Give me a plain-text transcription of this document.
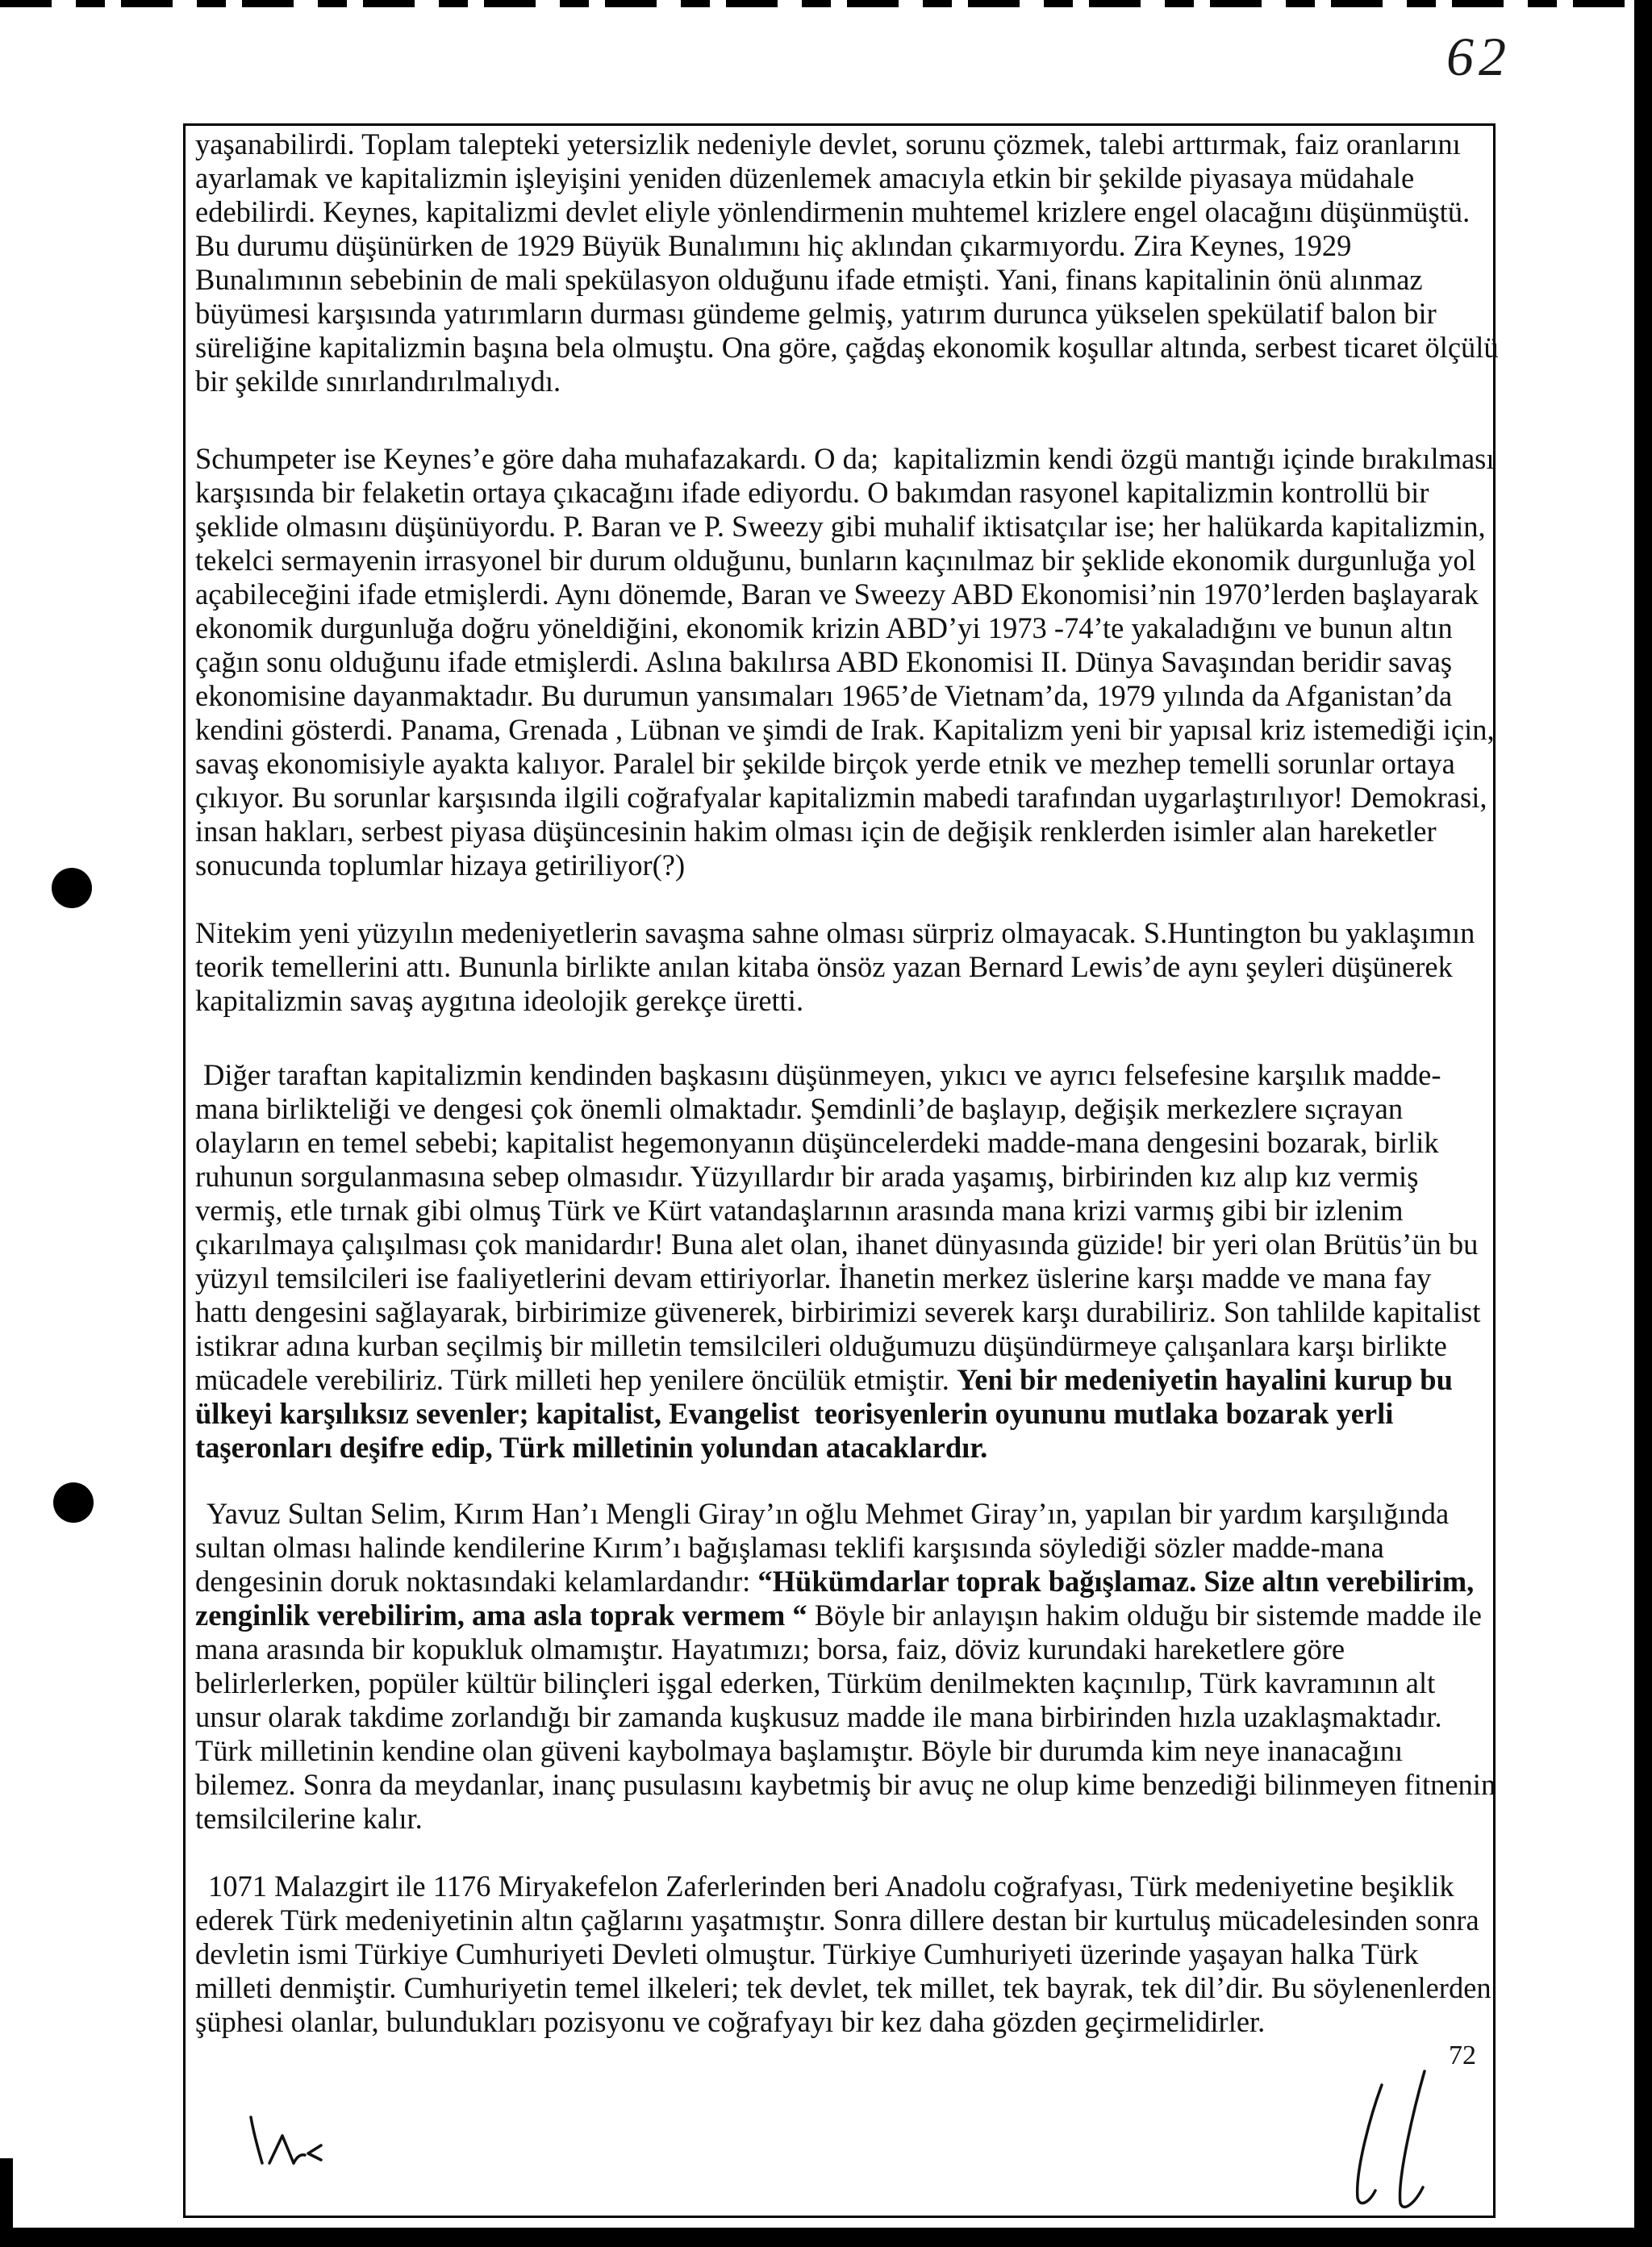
62
yaşanabilirdi. Toplam talepteki yetersizlik nedeniyle devlet, sorunu çözmek, talebi arttırmak, faiz oranlarını
ayarlamak ve kapitalizmin işleyişini yeniden düzenlemek amacıyla etkin bir şekilde piyasaya müdahale
edebilirdi. Keynes, kapitalizmi devlet eliyle yönlendirmenin muhtemel krizlere engel olacağını düşünmüştü.
Bu durumu düşünürken de 1929 Büyük Bunalımını hiç aklından çıkarmıyordu. Zira Keynes, 1929
Bunalımının sebebinin de mali spekülasyon olduğunu ifade etmişti. Yani, finans kapitalinin önü alınmaz
büyümesi karşısında yatırımların durması gündeme gelmiş, yatırım durunca yükselen spekülatif balon bir
süreliğine kapitalizmin başına bela olmuştu. Ona göre, çağdaş ekonomik koşullar altında, serbest ticaret ölçülü
bir şekilde sınırlandırılmalıydı.
Schumpeter ise Keynes’e göre daha muhafazakardı. O da;  kapitalizmin kendi özgü mantığı içinde bırakılması
karşısında bir felaketin ortaya çıkacağını ifade ediyordu. O bakımdan rasyonel kapitalizmin kontrollü bir
şeklide olmasını düşünüyordu. P. Baran ve P. Sweezy gibi muhalif iktisatçılar ise; her halükarda kapitalizmin,
tekelci sermayenin irrasyonel bir durum olduğunu, bunların kaçınılmaz bir şeklide ekonomik durgunluğa yol
açabileceğini ifade etmişlerdi. Aynı dönemde, Baran ve Sweezy ABD Ekonomisi’nin 1970’lerden başlayarak
ekonomik durgunluğa doğru yöneldiğini, ekonomik krizin ABD’yi 1973 -74’te yakaladığını ve bunun altın
çağın sonu olduğunu ifade etmişlerdi. Aslına bakılırsa ABD Ekonomisi II. Dünya Savaşından beridir savaş
ekonomisine dayanmaktadır. Bu durumun yansımaları 1965’de Vietnam’da, 1979 yılında da Afganistan’da
kendini gösterdi. Panama, Grenada , Lübnan ve şimdi de Irak. Kapitalizm yeni bir yapısal kriz istemediği için,
savaş ekonomisiyle ayakta kalıyor. Paralel bir şekilde birçok yerde etnik ve mezhep temelli sorunlar ortaya
çıkıyor. Bu sorunlar karşısında ilgili coğrafyalar kapitalizmin mabedi tarafından uygarlaştırılıyor! Demokrasi,
insan hakları, serbest piyasa düşüncesinin hakim olması için de değişik renklerden isimler alan hareketler
sonucunda toplumlar hizaya getiriliyor(?)
Nitekim yeni yüzyılın medeniyetlerin savaşma sahne olması sürpriz olmayacak. S.Huntington bu yaklaşımın
teorik temellerini attı. Bununla birlikte anılan kitaba önsöz yazan Bernard Lewis’de aynı şeyleri düşünerek
kapitalizmin savaş aygıtına ideolojik gerekçe üretti.
Diğer taraftan kapitalizmin kendinden başkasını düşünmeyen, yıkıcı ve ayrıcı felsefesine karşılık madde-
mana birlikteliği ve dengesi çok önemli olmaktadır. Şemdinli’de başlayıp, değişik merkezlere sıçrayan
olayların en temel sebebi; kapitalist hegemonyanın düşüncelerdeki madde-mana dengesini bozarak, birlik
ruhunun sorgulanmasına sebep olmasıdır. Yüzyıllardır bir arada yaşamış, birbirinden kız alıp kız vermiş
vermiş, etle tırnak gibi olmuş Türk ve Kürt vatandaşlarının arasında mana krizi varmış gibi bir izlenim
çıkarılmaya çalışılması çok manidardır! Buna alet olan, ihanet dünyasında güzide! bir yeri olan Brütüs’ün bu
yüzyıl temsilcileri ise faaliyetlerini devam ettiriyorlar. İhanetin merkez üslerine karşı madde ve mana fay
hattı dengesini sağlayarak, birbirimize güvenerek, birbirimizi severek karşı durabiliriz. Son tahlilde kapitalist
istikrar adına kurban seçilmiş bir milletin temsilcileri olduğumuzu düşündürmeye çalışanlara karşı birlikte
mücadele verebiliriz. Türk milleti hep yenilere öncülük etmiştir. Yeni bir medeniyetin hayalini kurup bu
ülkeyi karşılıksız sevenler; kapitalist, Evangelist  teorisyenlerin oyununu mutlaka bozarak yerli
taşeronları deşifre edip, Türk milletinin yolundan atacaklardır.
Yavuz Sultan Selim, Kırım Han’ı Mengli Giray’ın oğlu Mehmet Giray’ın, yapılan bir yardım karşılığında
sultan olması halinde kendilerine Kırım’ı bağışlaması teklifi karşısında söylediği sözler madde-mana
dengesinin doruk noktasındaki kelamlardandır: “Hükümdarlar toprak bağışlamaz. Size altın verebilirim,
zenginlik verebilirim, ama asla toprak vermem “ Böyle bir anlayışın hakim olduğu bir sistemde madde ile
mana arasında bir kopukluk olmamıştır. Hayatımızı; borsa, faiz, döviz kurundaki hareketlere göre
belirlerlerken, popüler kültür bilinçleri işgal ederken, Türküm denilmekten kaçınılıp, Türk kavramının alt
unsur olarak takdime zorlandığı bir zamanda kuşkusuz madde ile mana birbirinden hızla uzaklaşmaktadır.
Türk milletinin kendine olan güveni kaybolmaya başlamıştır. Böyle bir durumda kim neye inanacağını
bilemez. Sonra da meydanlar, inanç pusulasını kaybetmiş bir avuç ne olup kime benzediği bilinmeyen fitnenin
temsilcilerine kalır.
1071 Malazgirt ile 1176 Miryakefelon Zaferlerinden beri Anadolu coğrafyası, Türk medeniyetine beşiklik
ederek Türk medeniyetinin altın çağlarını yaşatmıştır. Sonra dillere destan bir kurtuluş mücadelesinden sonra
devletin ismi Türkiye Cumhuriyeti Devleti olmuştur. Türkiye Cumhuriyeti üzerinde yaşayan halka Türk
milleti denmiştir. Cumhuriyetin temel ilkeleri; tek devlet, tek millet, tek bayrak, tek dil’dir. Bu söylenenlerden
şüphesi olanlar, bulundukları pozisyonu ve coğrafyayı bir kez daha gözden geçirmelidirler.
72
